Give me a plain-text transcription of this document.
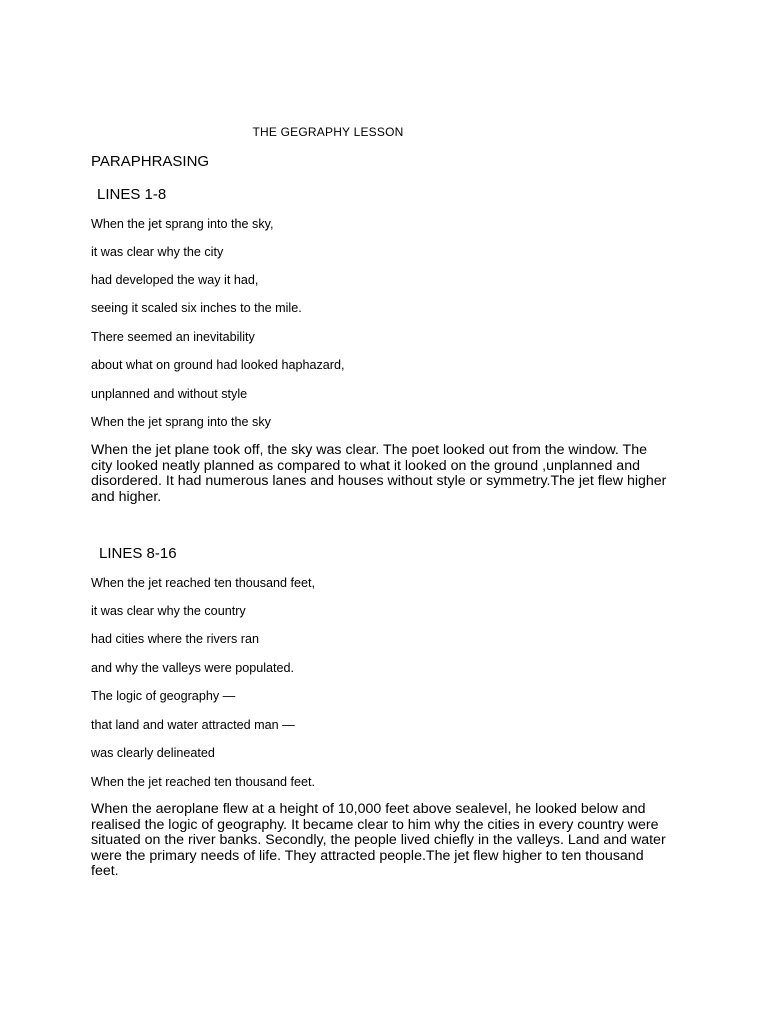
THE GEGRAPHY LESSON

PARAPHRASING

LINES 1-8

When the jet sprang into the sky,

it was clear why the city

had developed the way it had,

seeing it scaled six inches to the mile.

There seemed an inevitability

about what on ground had looked haphazard,

unplanned and without style

When the jet sprang into the sky

When the jet plane took off, the sky was clear. The poet looked out from the window. The city looked neatly planned as compared to what it looked on the ground ,unplanned and disordered. It had numerous lanes and houses without style or symmetry.The jet flew higher and higher.

LINES 8-16

When the jet reached ten thousand feet,

it was clear why the country

had cities where the rivers ran

and why the valleys were populated.

The logic of geography —

that land and water attracted man —

was clearly delineated

When the jet reached ten thousand feet.

When the aeroplane flew at a height of 10,000 feet above sealevel, he looked below and realised the logic of geography. It became clear to him why the cities in every country were situated on the river banks. Secondly, the people lived chiefly in the valleys. Land and water were the primary needs of life. They attracted people.The jet flew higher to ten thousand feet.
